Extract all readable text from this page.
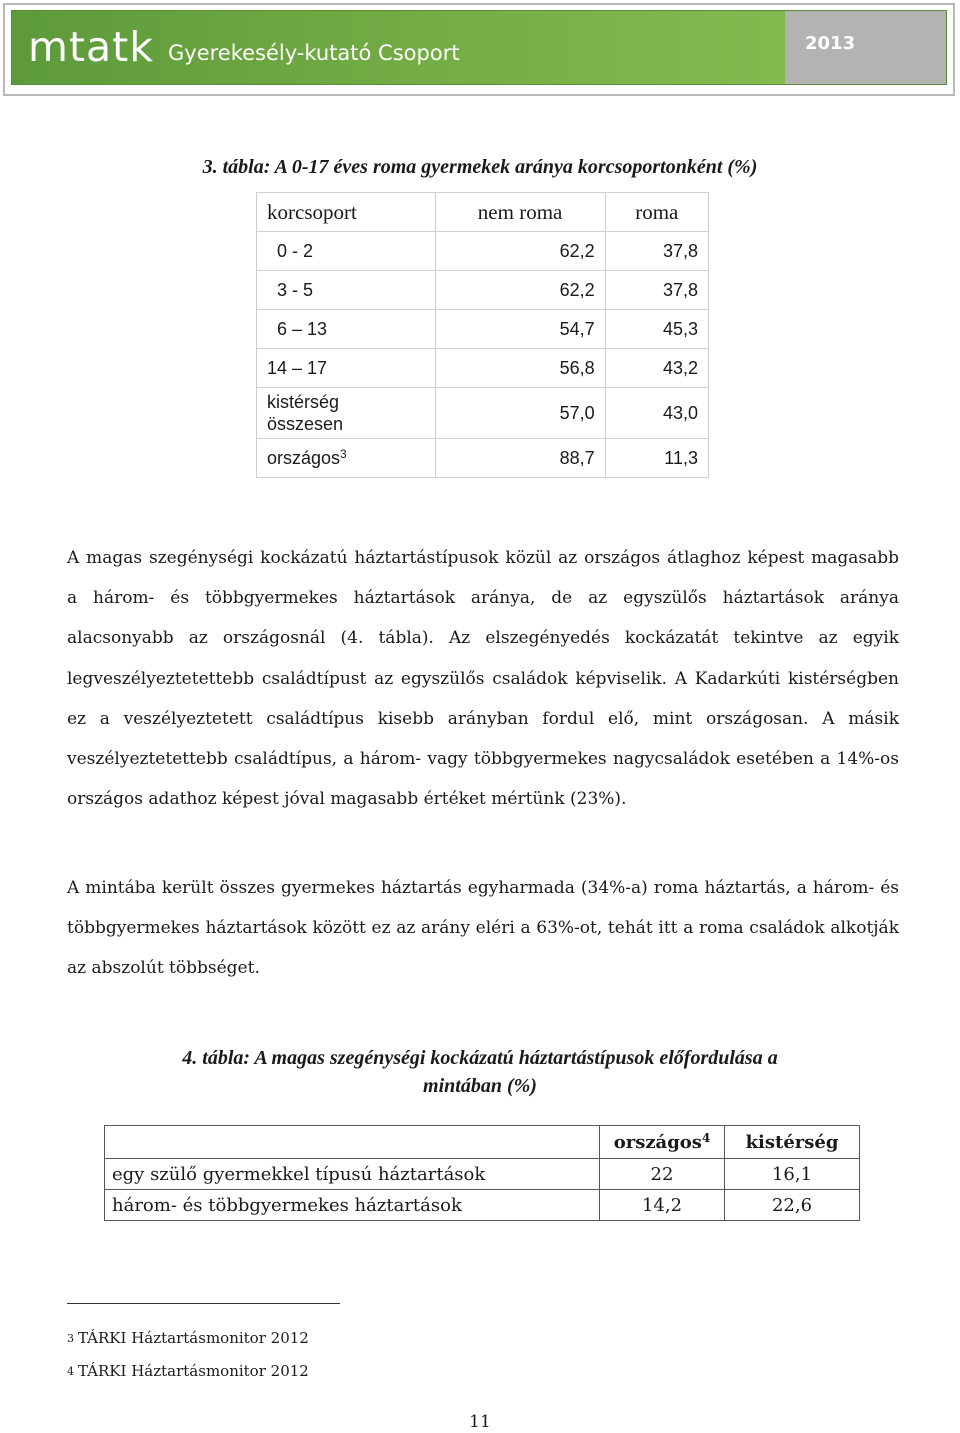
mtatk Gyerekesély-kutató Csoport	2013
3. tábla: A 0-17 éves roma gyermekek aránya korcsoportonként (%)
korcsoport	nem roma	roma
0 - 2	62,2	37,8
3 - 5	62,2	37,8
6 ‒ 13	54,7	45,3
14 ‒ 17	56,8	43,2
kistérség
összesen	57,0	43,0
országos$^3$	88,7	11,3

A magas szegénységi kockázatú háztartástípusok közül az országos átlaghoz képest magasabb a három- és többgyermekes háztartások aránya, de az egyszülős háztartások aránya alacsonyabb az országosnál (4. tábla). Az elszegényedés kockázatát tekintve az egyik legveszélyeztetettebb családtípust az egyszülős családok képviselik. A Kadarkúti kistérségben ez a veszélyeztetett családtípus kisebb arányban fordul elő, mint országosan. A másik veszélyeztetettebb családtípus, a három- vagy többgyermekes nagycsaládok esetében a 14%-os országos adathoz képest jóval magasabb értéket mértünk (23%).

A mintába került összes gyermekes háztartás egyharmada (34%-a) roma háztartás, a három- és többgyermekes háztartások között ez az arány eléri a 63%-ot, tehát itt a roma családok alkotják az abszolút többséget.

4. tábla: A magas szegénységi kockázatú háztartástípusok előfordulása a
mintában (%)
	országos$^4$	kistérség
egy szülő gyermekkel típusú háztartások	22	16,1
három- és többgyermekes háztartások	14,2	22,6
$^3$ TÁRKI Háztartásmonitor 2012
$^4$ TÁRKI Háztartásmonitor 2012
11
